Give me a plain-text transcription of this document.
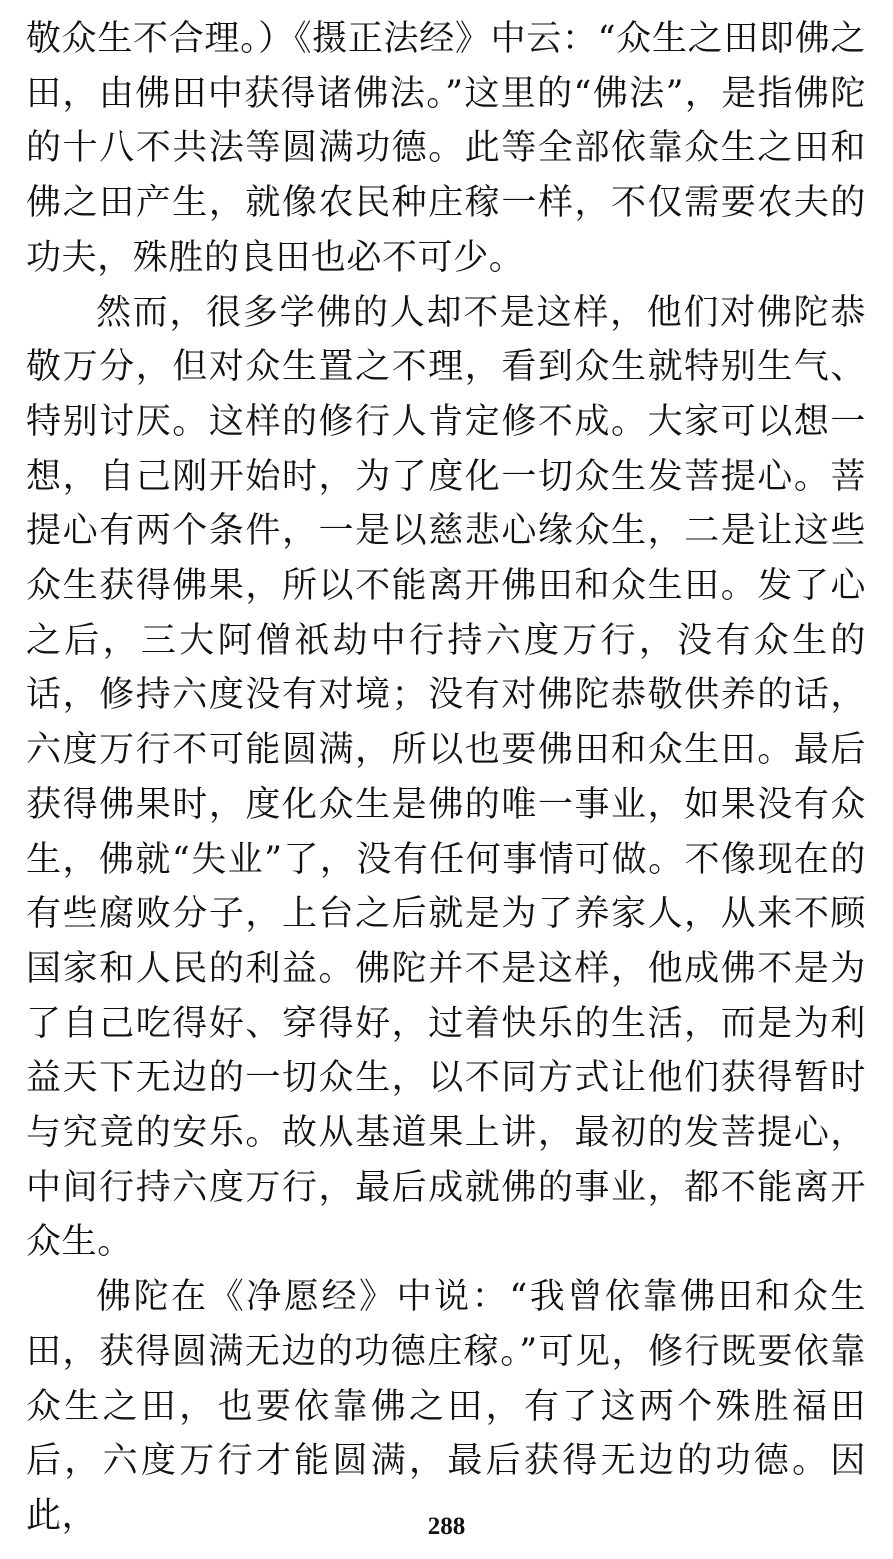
敬众生不合理。）《摄正法经》中云：“众生之田即佛之田，由佛田中获得诸佛法。”这里的“佛法”，是指佛陀的十八不共法等圆满功德。此等全部依靠众生之田和佛之田产生，就像农民种庄稼一样，不仅需要农夫的功夫，殊胜的良田也必不可少。

然而，很多学佛的人却不是这样，他们对佛陀恭敬万分，但对众生置之不理，看到众生就特别生气、特别讨厌。这样的修行人肯定修不成。大家可以想一想，自己刚开始时，为了度化一切众生发菩提心。菩提心有两个条件，一是以慈悲心缘众生，二是让这些众生获得佛果，所以不能离开佛田和众生田。发了心之后，三大阿僧祇劫中行持六度万行，没有众生的话，修持六度没有对境；没有对佛陀恭敬供养的话，六度万行不可能圆满，所以也要佛田和众生田。最后获得佛果时，度化众生是佛的唯一事业，如果没有众生，佛就“失业”了，没有任何事情可做。不像现在的有些腐败分子，上台之后就是为了养家人，从来不顾国家和人民的利益。佛陀并不是这样，他成佛不是为了自己吃得好、穿得好，过着快乐的生活，而是为利益天下无边的一切众生，以不同方式让他们获得暂时与究竟的安乐。故从基道果上讲，最初的发菩提心，中间行持六度万行，最后成就佛的事业，都不能离开众生。

佛陀在《净愿经》中说：“我曾依靠佛田和众生田，获得圆满无边的功德庄稼。”可见，修行既要依靠众生之田，也要依靠佛之田，有了这两个殊胜福田后，六度万行才能圆满，最后获得无边的功德。因此，	288
